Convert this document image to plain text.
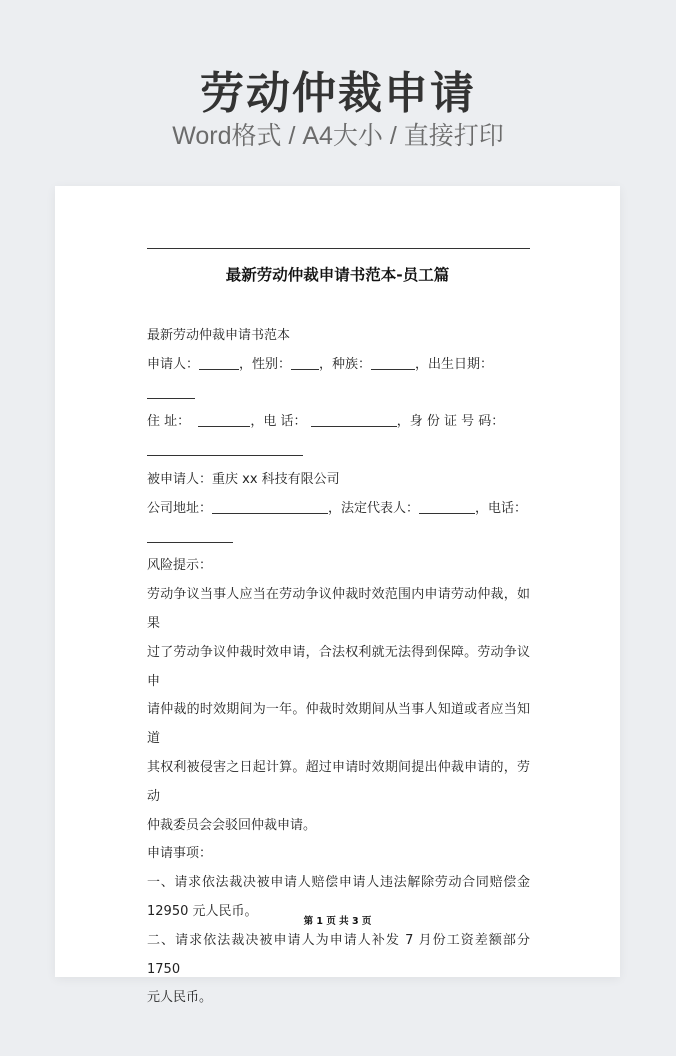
劳动仲裁申请
Word格式 / A4大小 / 直接打印
最新劳动仲裁申请书范本-员工篇

最新劳动仲裁申请书范本

申请人：	，性别： ，种族：	，出生日期：

住 址：	，电 话：	，身 份 证 号 码：

被申请人：重庆 xx 科技有限公司

公司地址：	，法定代表人：	，电话：

风险提示：

劳动争议当事人应当在劳动争议仲裁时效范围内申请劳动仲裁，如果

过了劳动争议仲裁时效申请，合法权利就无法得到保障。劳动争议申

请仲裁的时效期间为一年。仲裁时效期间从当事人知道或者应当知道

其权利被侵害之日起计算。超过申请时效期间提出仲裁申请的，劳动

仲裁委员会会驳回仲裁申请。

申请事项：

一、请求依法裁决被申请人赔偿申请人违法解除劳动合同赔偿金

12950 元人民币。

二、请求依法裁决被申请人为申请人补发 7 月份工资差额部分 1750

元人民币。

第 1 页 共 3 页
